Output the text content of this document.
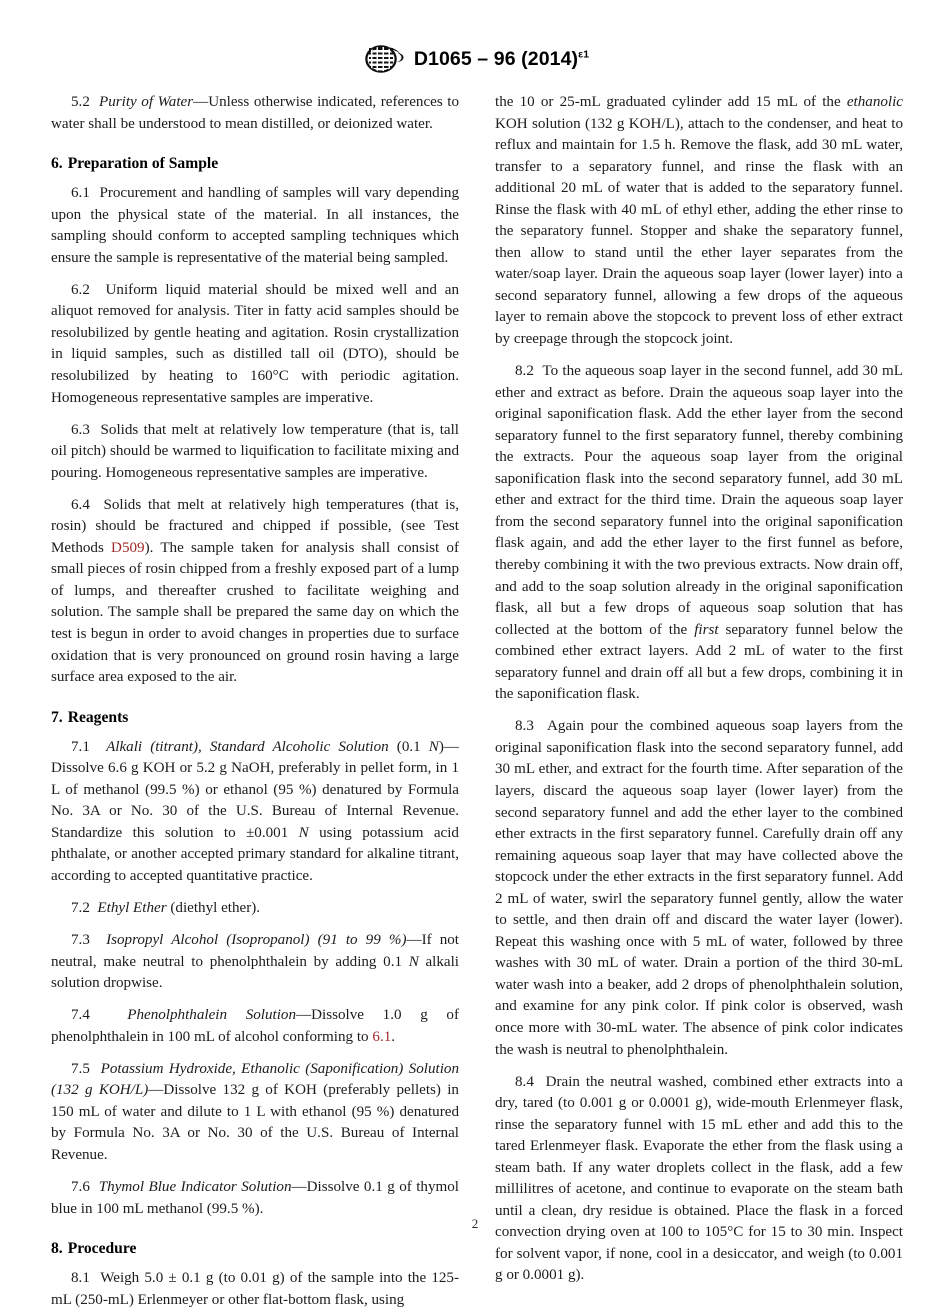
D1065 – 96 $(2014)^{\varepsilon 1}$

5.2 Purity of Water—Unless otherwise indicated, references to water shall be understood to mean distilled, or deionized water.

6. Preparation of Sample

6.1 Procurement and handling of samples will vary depending upon the physical state of the material. In all instances, the sampling should conform to accepted sampling techniques which ensure the sample is representative of the material being sampled.

6.2 Uniform liquid material should be mixed well and an aliquot removed for analysis. Titer in fatty acid samples should be resolubilized by gentle heating and agitation. Rosin crystallization in liquid samples, such as distilled tall oil (DTO), should be resolubilized by heating to 160°C with periodic agitation. Homogeneous representative samples are imperative.

6.3 Solids that melt at relatively low temperature (that is, tall oil pitch) should be warmed to liquification to facilitate mixing and pouring. Homogeneous representative samples are imperative.

6.4 Solids that melt at relatively high temperatures (that is, rosin) should be fractured and chipped if possible, (see Test Methods D509). The sample taken for analysis shall consist of small pieces of rosin chipped from a freshly exposed part of a lump of lumps, and thereafter crushed to facilitate weighing and solution. The sample shall be prepared the same day on which the test is begun in order to avoid changes in properties due to surface oxidation that is very pronounced on ground rosin having a large surface area exposed to the air.

7. Reagents

7.1 Alkali (titrant), Standard Alcoholic Solution (0.1 N)—Dissolve 6.6 g KOH or 5.2 g NaOH, preferably in pellet form, in 1 L of methanol (99.5 %) or ethanol (95 %) denatured by Formula No. 3A or No. 30 of the U.S. Bureau of Internal Revenue. Standardize this solution to ±0.001 N using potassium acid phthalate, or another accepted primary standard for alkaline titrant, according to accepted quantitative practice.

7.2 Ethyl Ether (diethyl ether).

7.3 Isopropyl Alcohol (Isopropanol) (91 to 99 %)—If not neutral, make neutral to phenolphthalein by adding 0.1 N alkali solution dropwise.

7.4 Phenolphthalein Solution—Dissolve 1.0 g of phenolphthalein in 100 mL of alcohol conforming to 6.1.

7.5 Potassium Hydroxide, Ethanolic (Saponification) Solution (132 g KOH/L)—Dissolve 132 g of KOH (preferably pellets) in 150 mL of water and dilute to 1 L with ethanol (95 %) denatured by Formula No. 3A or No. 30 of the U.S. Bureau of Internal Revenue.

7.6 Thymol Blue Indicator Solution—Dissolve 0.1 g of thymol blue in 100 mL methanol (99.5 %).

8. Procedure

8.1 Weigh 5.0 ± 0.1 g (to 0.01 g) of the sample into the 125-mL (250-mL) Erlenmeyer or other flat-bottom flask, using

the 10 or 25-mL graduated cylinder add 15 mL of the ethanolic KOH solution (132 g KOH/L), attach to the condenser, and heat to reflux and maintain for 1.5 h. Remove the flask, add 30 mL water, transfer to a separatory funnel, and rinse the flask with an additional 20 mL of water that is added to the separatory funnel. Rinse the flask with 40 mL of ethyl ether, adding the ether rinse to the separatory funnel. Stopper and shake the separatory funnel, then allow to stand until the ether layer separates from the water/soap layer. Drain the aqueous soap layer (lower layer) into a second separatory funnel, allowing a few drops of the aqueous layer to remain above the stopcock to prevent loss of ether extract by creepage through the stopcock joint.

8.2 To the aqueous soap layer in the second funnel, add 30 mL ether and extract as before. Drain the aqueous soap layer into the original saponification flask. Add the ether layer from the second separatory funnel to the first separatory funnel, thereby combining the extracts. Pour the aqueous soap layer from the original saponification flask into the second separatory funnel, add 30 mL ether and extract for the third time. Drain the aqueous soap layer from the second separatory funnel into the original saponification flask again, and add the ether layer to the first funnel as before, thereby combining it with the two previous extracts. Now drain off, and add to the soap solution already in the original saponification flask, all but a few drops of aqueous soap solution that has collected at the bottom of the first separatory funnel below the combined ether extract layers. Add 2 mL of water to the first separatory funnel and drain off all but a few drops, combining it in the saponification flask.

8.3 Again pour the combined aqueous soap layers from the original saponification flask into the second separatory funnel, add 30 mL ether, and extract for the fourth time. After separation of the layers, discard the aqueous soap layer (lower layer) from the second separatory funnel and add the ether layer to the combined ether extracts in the first separatory funnel. Carefully drain off any remaining aqueous soap layer that may have collected above the stopcock under the ether extracts in the first separatory funnel. Add 2 mL of water, swirl the separatory funnel gently, allow the water to settle, and then drain off and discard the water layer (lower). Repeat this washing once with 5 mL of water, followed by three washes with 30 mL of water. Drain a portion of the third 30-mL water wash into a beaker, add 2 drops of phenolphthalein solution, and examine for any pink color. If pink color is observed, wash once more with 30-mL water. The absence of pink color indicates the wash is neutral to phenolphthalein.

8.4 Drain the neutral washed, combined ether extracts into a dry, tared (to 0.001 g or 0.0001 g), wide-mouth Erlenmeyer flask, rinse the separatory funnel with 15 mL ether and add this to the tared Erlenmeyer flask. Evaporate the ether from the flask using a steam bath. If any water droplets collect in the flask, add a few millilitres of acetone, and continue to evaporate on the steam bath until a clean, dry residue is obtained. Place the flask in a forced convection drying oven at 100 to 105°C for 15 to 30 min. Inspect for solvent vapor, if none, cool in a desiccator, and weigh (to 0.001 g or 0.0001 g).

2
